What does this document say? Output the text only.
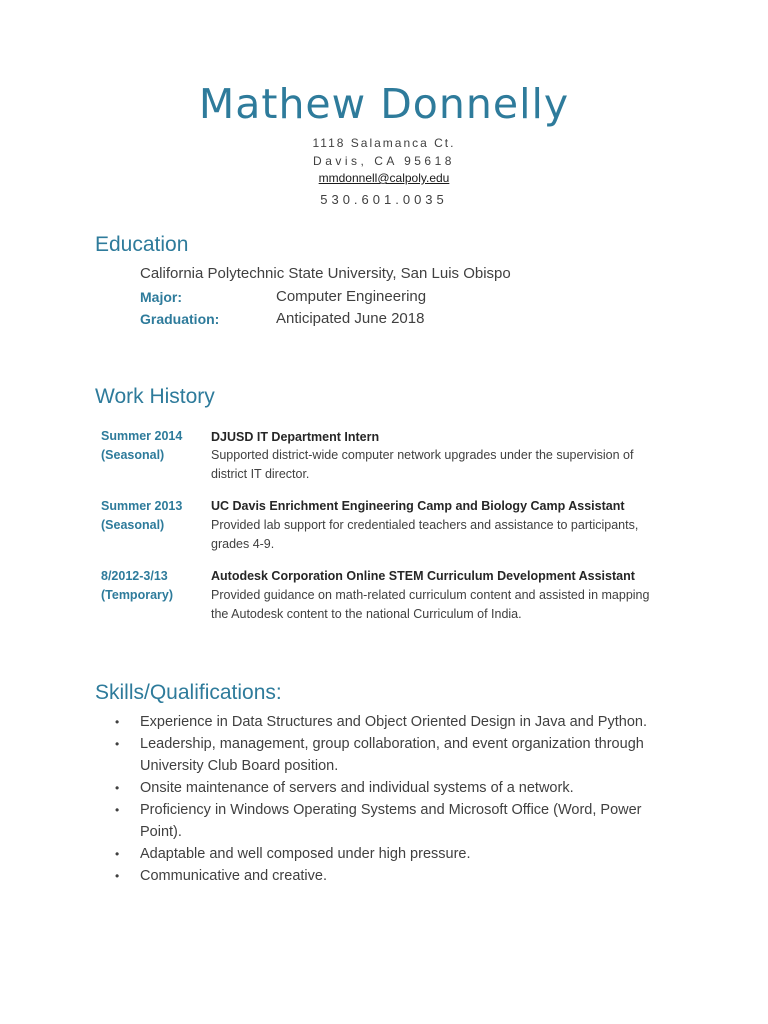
Mathew Donnelly
1118 Salamanca Ct.
Davis, CA 95618
mmdonnell@calpoly.edu
530.601.0035
Education
California Polytechnic State University, San Luis Obispo
Major:	Computer Engineering
Graduation:	Anticipated June 2018
Work History
Summer 2014
(Seasonal)
DJUSD IT Department Intern
Supported district-wide computer network upgrades under the supervision of district IT director.
Summer 2013
(Seasonal)
UC Davis Enrichment Engineering Camp and Biology Camp Assistant
Provided lab support for credentialed teachers and assistance to participants, grades 4-9.
8/2012-3/13
(Temporary)
Autodesk Corporation Online STEM Curriculum Development Assistant
Provided guidance on math-related curriculum content and assisted in mapping the Autodesk content to the national Curriculum of India.
Skills/Qualifications:
• Experience in Data Structures and Object Oriented Design in Java and Python.
• Leadership, management, group collaboration, and event organization through University Club Board position.
• Onsite maintenance of servers and individual systems of a network.
• Proficiency in Windows Operating Systems and Microsoft Office (Word, Power Point).
• Adaptable and well composed under high pressure.
• Communicative and creative.
